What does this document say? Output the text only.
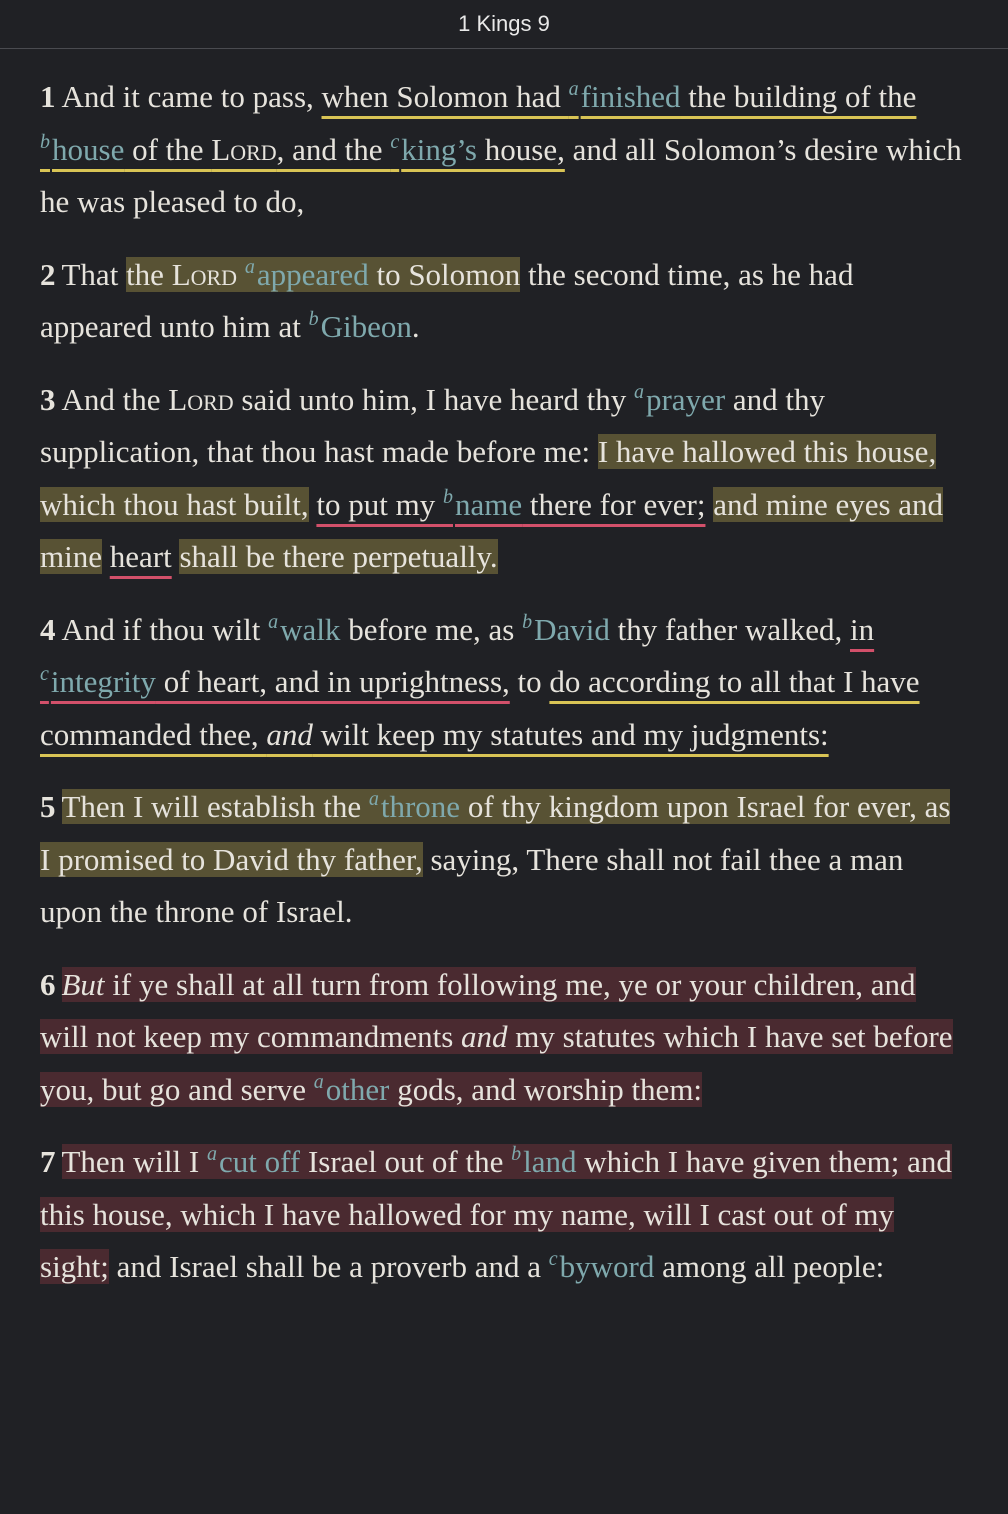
1 Kings 9

1 And it came to pass, when Solomon had $^a$finished the building of the $^b$house of the Lord, and the $^c$king’s house, and all Solomon’s desire which he was pleased to do,

2 That the Lord $^a$appeared to Solomon the second time, as he had appeared unto him at $^b$Gibeon.

3 And the Lord said unto him, I have heard thy $^a$prayer and thy supplication, that thou hast made before me: I have hallowed this house, which thou hast built, to put my $^b$name there for ever; and mine eyes and mine heart shall be there perpetually.

4 And if thou wilt $^a$walk before me, as $^b$David thy father walked, in $^c$integrity of heart, and in uprightness, to do according to all that I have commanded thee, and wilt keep my statutes and my judgments:

5 Then I will establish the $^a$throne of thy kingdom upon Israel for ever, as I promised to David thy father, saying, There shall not fail thee a man upon the throne of Israel.

6 But if ye shall at all turn from following me, ye or your children, and will not keep my commandments and my statutes which I have set before you, but go and serve $^a$other gods, and worship them:

7 Then will I $^a$cut off Israel out of the $^b$land which I have given them; and this house, which I have hallowed for my name, will I cast out of my sight; and Israel shall be a proverb and a $^c$byword among all people:
